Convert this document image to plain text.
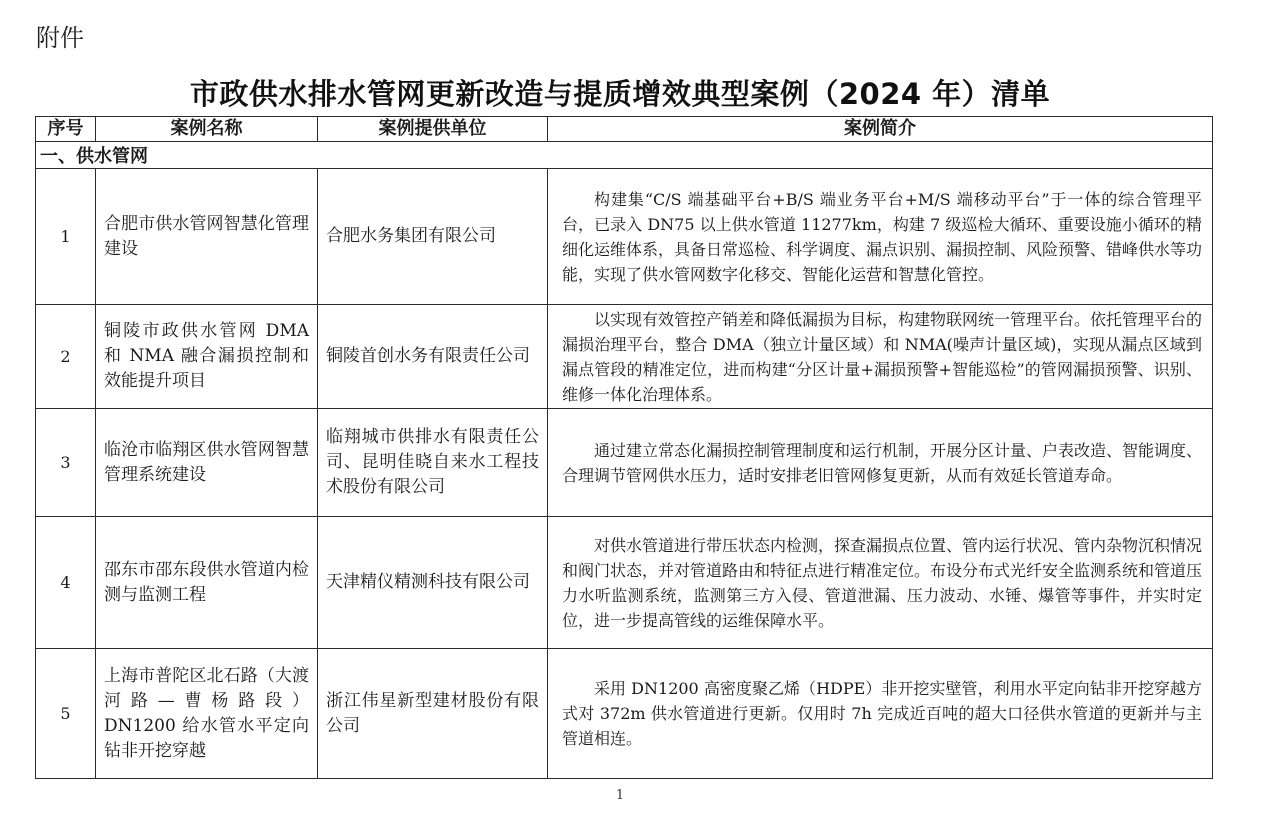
附件
市政供水排水管网更新改造与提质增效典型案例（2024 年）清单
序号	案例名称	案例提供单位	案例简介
一、供水管网			
1	合肥市供水管网智慧化管理建设	合肥水务集团有限公司	构建集“C/S 端基础平台+B/S 端业务平台+M/S 端移动平台”于一体的综合管理平台，已录入 DN75 以上供水管道 11277km，构建 7 级巡检大循环、重要设施小循环的精细化运维体系，具备日常巡检、科学调度、漏点识别、漏损控制、风险预警、错峰供水等功能，实现了供水管网数字化移交、智能化运营和智慧化管控。

2	铜陵市政供水管网 DMA 和 NMA 融合漏损控制和效能提升项目	铜陵首创水务有限责任公司	以实现有效管控产销差和降低漏损为目标，构建物联网统一管理平台。依托管理平台的漏损治理平台，整合 DMA（独立计量区域）和 NMA(噪声计量区域)，实现从漏点区域到漏点管段的精准定位，进而构建“分区计量+漏损预警+智能巡检”的管网漏损预警、识别、维修一体化治理体系。

3	临沧市临翔区供水管网智慧管理系统建设	临翔城市供排水有限责任公司、昆明佳晓自来水工程技术股份有限公司	通过建立常态化漏损控制管理制度和运行机制，开展分区计量、户表改造、智能调度、合理调节管网供水压力，适时安排老旧管网修复更新，从而有效延长管道寿命。

4	邵东市邵东段供水管道内检测与监测工程	天津精仪精测科技有限公司	对供水管道进行带压状态内检测，探查漏损点位置、管内运行状况、管内杂物沉积情况和阀门状态，并对管道路由和特征点进行精准定位。布设分布式光纤安全监测系统和管道压力水听监测系统，监测第三方入侵、管道泄漏、压力波动、水锤、爆管等事件，并实时定位，进一步提高管线的运维保障水平。

5	上海市普陀区北石路（大渡河路—曹杨路段）DN1200 给水管水平定向钻非开挖穿越	浙江伟星新型建材股份有限公司	采用 DN1200 高密度聚乙烯（HDPE）非开挖实壁管，利用水平定向钻非开挖穿越方式对 372m 供水管道进行更新。仅用时 7h 完成近百吨的超大口径供水管道的更新并与主管道相连。
1
